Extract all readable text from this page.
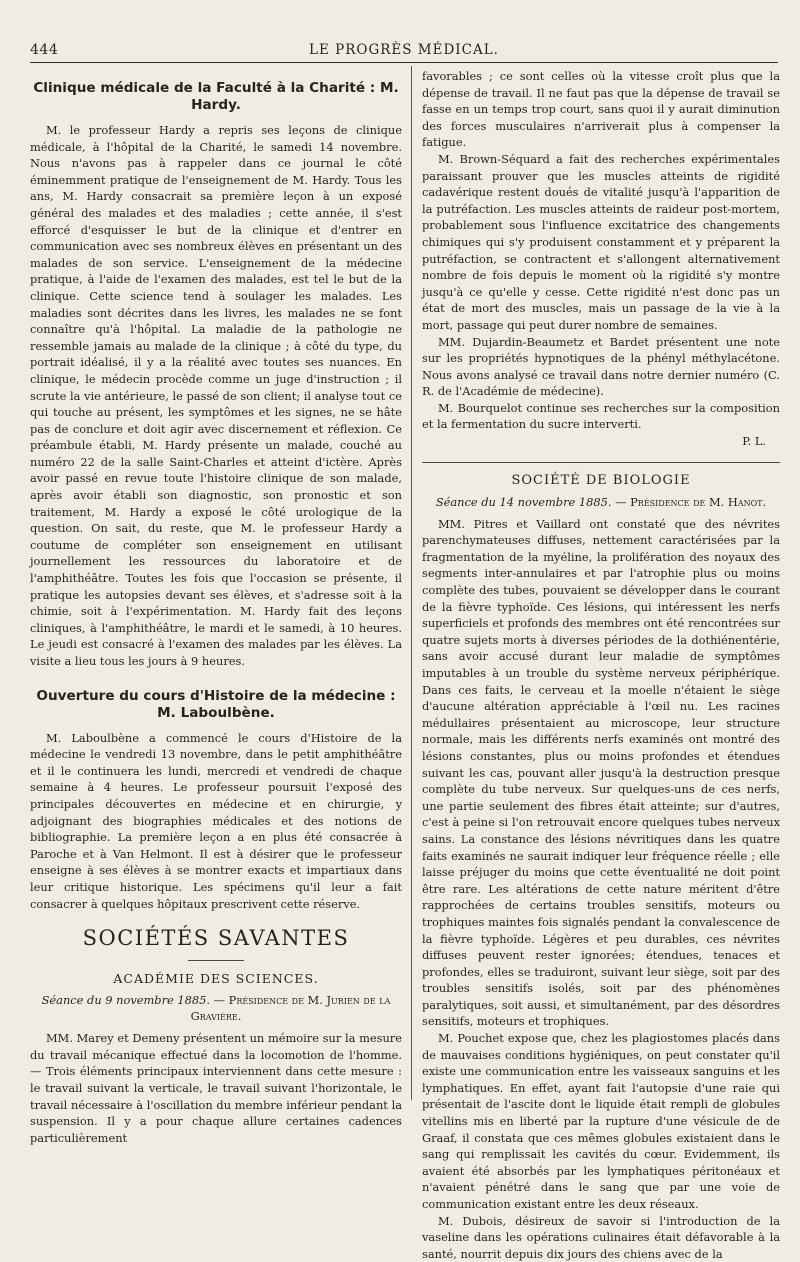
444	LE PROGRÈS MÉDICAL.
Clinique médicale de la Faculté à la Charité : M. Hardy.

M. le professeur Hardy a repris ses leçons de clinique médicale, à l'hôpital de la Charité, le samedi 14 novembre. Nous n'avons pas à rappeler dans ce journal le côté éminemment pratique de l'enseignement de M. Hardy. Tous les ans, M. Hardy consacrait sa première leçon à un exposé général des malades et des maladies ; cette année, il s'est efforcé d'esquisser le but de la clinique et d'entrer en communication avec ses nombreux élèves en présentant un des malades de son service. L'enseignement de la médecine pratique, à l'aide de l'examen des malades, est tel le but de la clinique. Cette science tend à soulager les malades. Les maladies sont décrites dans les livres, les malades ne se font connaître qu'à l'hôpital. La maladie de la pathologie ne ressemble jamais au malade de la clinique ; à côté du type, du portrait idéalisé, il y a la réalité avec toutes ses nuances. En clinique, le médecin procède comme un juge d'instruction ; il scrute la vie antérieure, le passé de son client; il analyse tout ce qui touche au présent, les symptômes et les signes, ne se hâte pas de conclure et doit agir avec discernement et réflexion. Ce préambule établi, M. Hardy présente un malade, couché au numéro 22 de la salle Saint-Charles et atteint d'ictère. Après avoir passé en revue toute l'histoire clinique de son malade, après avoir établi son diagnostic, son pronostic et son traitement, M. Hardy a exposé le côté urologique de la question. On sait, du reste, que M. le professeur Hardy a coutume de compléter son enseignement en utilisant journellement les ressources du laboratoire et de l'amphithéâtre. Toutes les fois que l'occasion se présente, il pratique les autopsies devant ses élèves, et s'adresse soit à la chimie, soit à l'expérimentation. M. Hardy fait des leçons cliniques, à l'amphithéâtre, le mardi et le samedi, à 10 heures. Le jeudi est consacré à l'examen des malades par les élèves. La visite a lieu tous les jours à 9 heures.

Ouverture du cours d'Histoire de la médecine : M. Laboulbène.

M. Laboulbène a commencé le cours d'Histoire de la médecine le vendredi 13 novembre, dans le petit amphithéâtre et il le continuera les lundi, mercredi et vendredi de chaque semaine à 4 heures. Le professeur poursuit l'exposé des principales découvertes en médecine et en chirurgie, y adjoignant des biographies médicales et des notions de bibliographie. La première leçon a en plus été consacrée à Paroche et à Van Helmont. Il est à désirer que le professeur enseigne à ses élèves à se montrer exacts et impartiaux dans leur critique historique. Les spécimens qu'il leur a fait consacrer à quelques hôpitaux prescrivent cette réserve.

SOCIÉTÉS SAVANTES
ACADÉMIE DES SCIENCES.
Séance du 9 novembre 1885. — Présidence de M. Jurien de la Gravière.

MM. Marey et Demeny présentent un mémoire sur la mesure du travail mécanique effectué dans la locomotion de l'homme. — Trois éléments principaux interviennent dans cette mesure : le travail suivant la verticale, le travail suivant l'horizontale, le travail nécessaire à l'oscillation du membre inférieur pendant la suspension. Il y a pour chaque allure certaines cadences particulièrement

favorables ; ce sont celles où la vitesse croît plus que la dépense de travail. Il ne faut pas que la dépense de travail se fasse en un temps trop court, sans quoi il y aurait diminution des forces musculaires n'arriverait plus à compenser la fatigue.

M. Brown-Séquard a fait des recherches expérimentales paraissant prouver que les muscles atteints de rigidité cadavérique restent doués de vitalité jusqu'à l'apparition de la putréfaction. Les muscles atteints de raideur post-mortem, probablement sous l'influence excitatrice des changements chimiques qui s'y produisent constamment et y préparent la putréfaction, se contractent et s'allongent alternativement nombre de fois depuis le moment où la rigidité s'y montre jusqu'à ce qu'elle y cesse. Cette rigidité n'est donc pas un état de mort des muscles, mais un passage de la vie à la mort, passage qui peut durer nombre de semaines.

MM. Dujardin-Beaumetz et Bardet présentent une note sur les propriétés hypnotiques de la phényl méthylacétone. Nous avons analysé ce travail dans notre dernier numéro (C. R. de l'Académie de médecine).

M. Bourquelot continue ses recherches sur la composition et la fermentation du sucre interverti.

P. L.

SOCIÉTÉ DE BIOLOGIE
Séance du 14 novembre 1885. — Présidence de M. Hanot.

MM. Pitres et Vaillard ont constaté que des névrites parenchymateuses diffuses, nettement caractérisées par la fragmentation de la myéline, la prolifération des noyaux des segments inter-annulaires et par l'atrophie plus ou moins complète des tubes, pouvaient se développer dans le courant de la fièvre typhoïde. Ces lésions, qui intéressent les nerfs superficiels et profonds des membres ont été rencontrées sur quatre sujets morts à diverses périodes de la dothiénentérie, sans avoir accusé durant leur maladie de symptômes imputables à un trouble du système nerveux périphérique. Dans ces faits, le cerveau et la moelle n'étaient le siège d'aucune altération appréciable à l'œil nu. Les racines médullaires présentaient au microscope, leur structure normale, mais les différents nerfs examinés ont montré des lésions constantes, plus ou moins profondes et étendues suivant les cas, pouvant aller jusqu'à la destruction presque complète du tube nerveux. Sur quelques-uns de ces nerfs, une partie seulement des fibres était atteinte; sur d'autres, c'est à peine si l'on retrouvait encore quelques tubes nerveux sains. La constance des lésions névritiques dans les quatre faits examinés ne saurait indiquer leur fréquence réelle ; elle laisse préjuger du moins que cette éventualité ne doit point être rare. Les altérations de cette nature méritent d'être rapprochées de certains troubles sensitifs, moteurs ou trophiques maintes fois signalés pendant la convalescence de la fièvre typhoïde. Légères et peu durables, ces névrites diffuses peuvent rester ignorées; étendues, tenaces et profondes, elles se traduiront, suivant leur siège, soit par des troubles sensitifs isolés, soit par des phénomènes paralytiques, soit aussi, et simultanément, par des désordres sensitifs, moteurs et trophiques.

M. Pouchet expose que, chez les plagiostomes placés dans de mauvaises conditions hygiéniques, on peut constater qu'il existe une communication entre les vaisseaux sanguins et les lymphatiques. En effet, ayant fait l'autopsie d'une raie qui présentait de l'ascite dont le liquide était rempli de globules vitellins mis en liberté par la rupture d'une vésicule de de Graaf, il constata que ces mêmes globules existaient dans le sang qui remplissait les cavités du cœur. Evidemment, ils avaient été absorbés par les lymphatiques péritonéaux et n'avaient pénétré dans le sang que par une voie de communication existant entre les deux réseaux.

M. Dubois, désireux de savoir si l'introduction de la vaseline dans les opérations culinaires était défavorable à la santé, nourrit depuis dix jours des chiens avec de la
